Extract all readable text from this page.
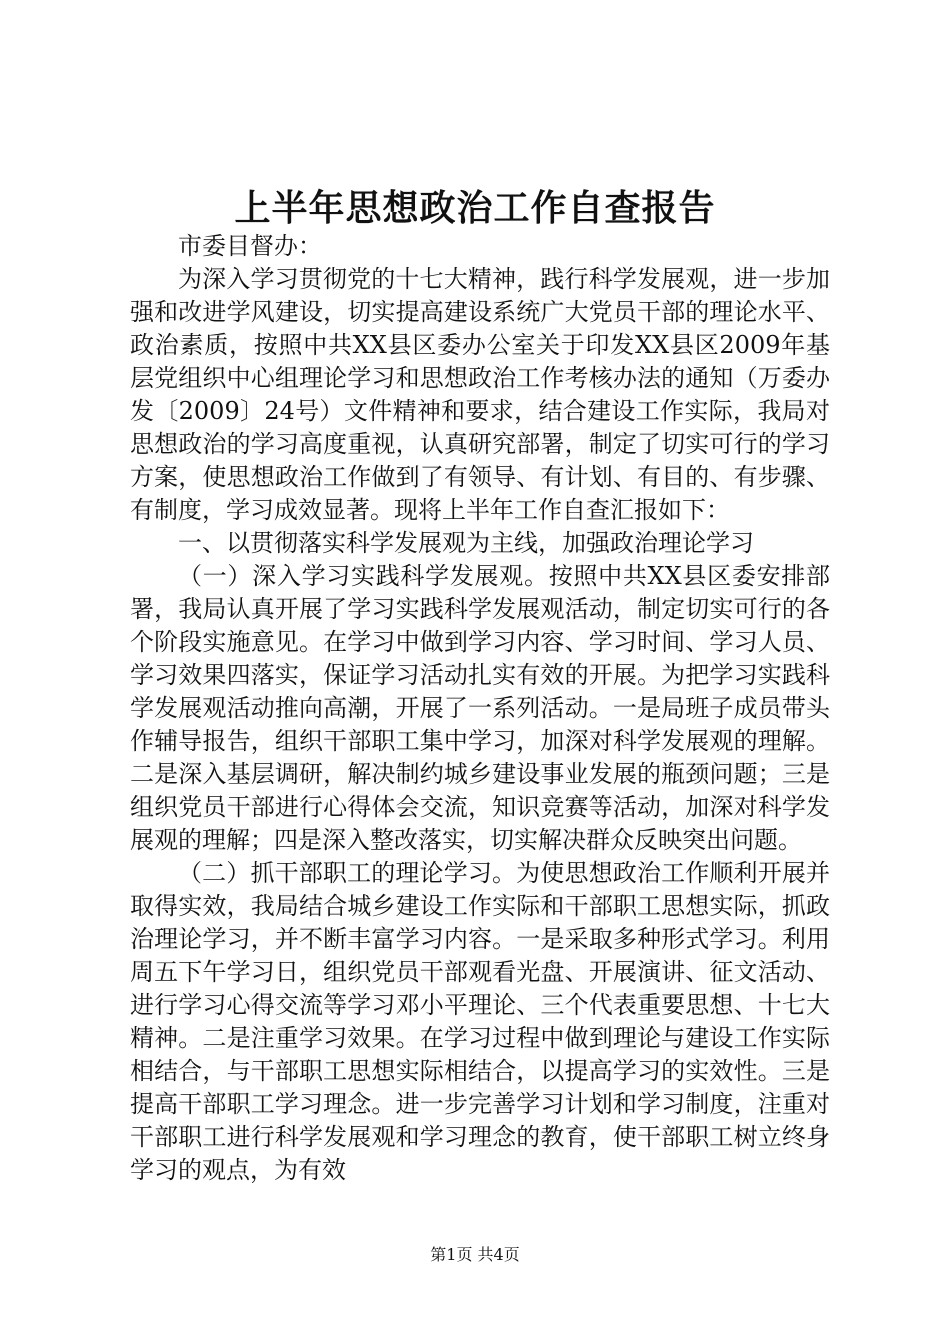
上半年思想政治工作自查报告

市委目督办：

为深入学习贯彻党的十七大精神，践行科学发展观，进一步加强和改进学风建设，切实提高建设系统广大党员干部的理论水平、政治素质，按照中共XX县区委办公室关于印发XX县区2009年基层党组织中心组理论学习和思想政治工作考核办法的通知（万委办发〔2009〕24号）文件精神和要求，结合建设工作实际，我局对思想政治的学习高度重视，认真研究部署，制定了切实可行的学习方案，使思想政治工作做到了有领导、有计划、有目的、有步骤、有制度，学习成效显著。现将上半年工作自查汇报如下：

一、以贯彻落实科学发展观为主线，加强政治理论学习

（一）深入学习实践科学发展观。按照中共XX县区委安排部署，我局认真开展了学习实践科学发展观活动，制定切实可行的各个阶段实施意见。在学习中做到学习内容、学习时间、学习人员、学习效果四落实，保证学习活动扎实有效的开展。为把学习实践科学发展观活动推向高潮，开展了一系列活动。一是局班子成员带头作辅导报告，组织干部职工集中学习，加深对科学发展观的理解。二是深入基层调研，解决制约城乡建设事业发展的瓶颈问题；三是组织党员干部进行心得体会交流，知识竞赛等活动，加深对科学发展观的理解；四是深入整改落实，切实解决群众反映突出问题。

（二）抓干部职工的理论学习。为使思想政治工作顺利开展并取得实效，我局结合城乡建设工作实际和干部职工思想实际，抓政治理论学习，并不断丰富学习内容。一是采取多种形式学习。利用周五下午学习日，组织党员干部观看光盘、开展演讲、征文活动、进行学习心得交流等学习邓小平理论、三个代表重要思想、十七大精神。二是注重学习效果。在学习过程中做到理论与建设工作实际相结合，与干部职工思想实际相结合，以提高学习的实效性。三是提高干部职工学习理念。进一步完善学习计划和学习制度，注重对干部职工进行科学发展观和学习理念的教育，使干部职工树立终身学习的观点，为有效

第1页 共4页
